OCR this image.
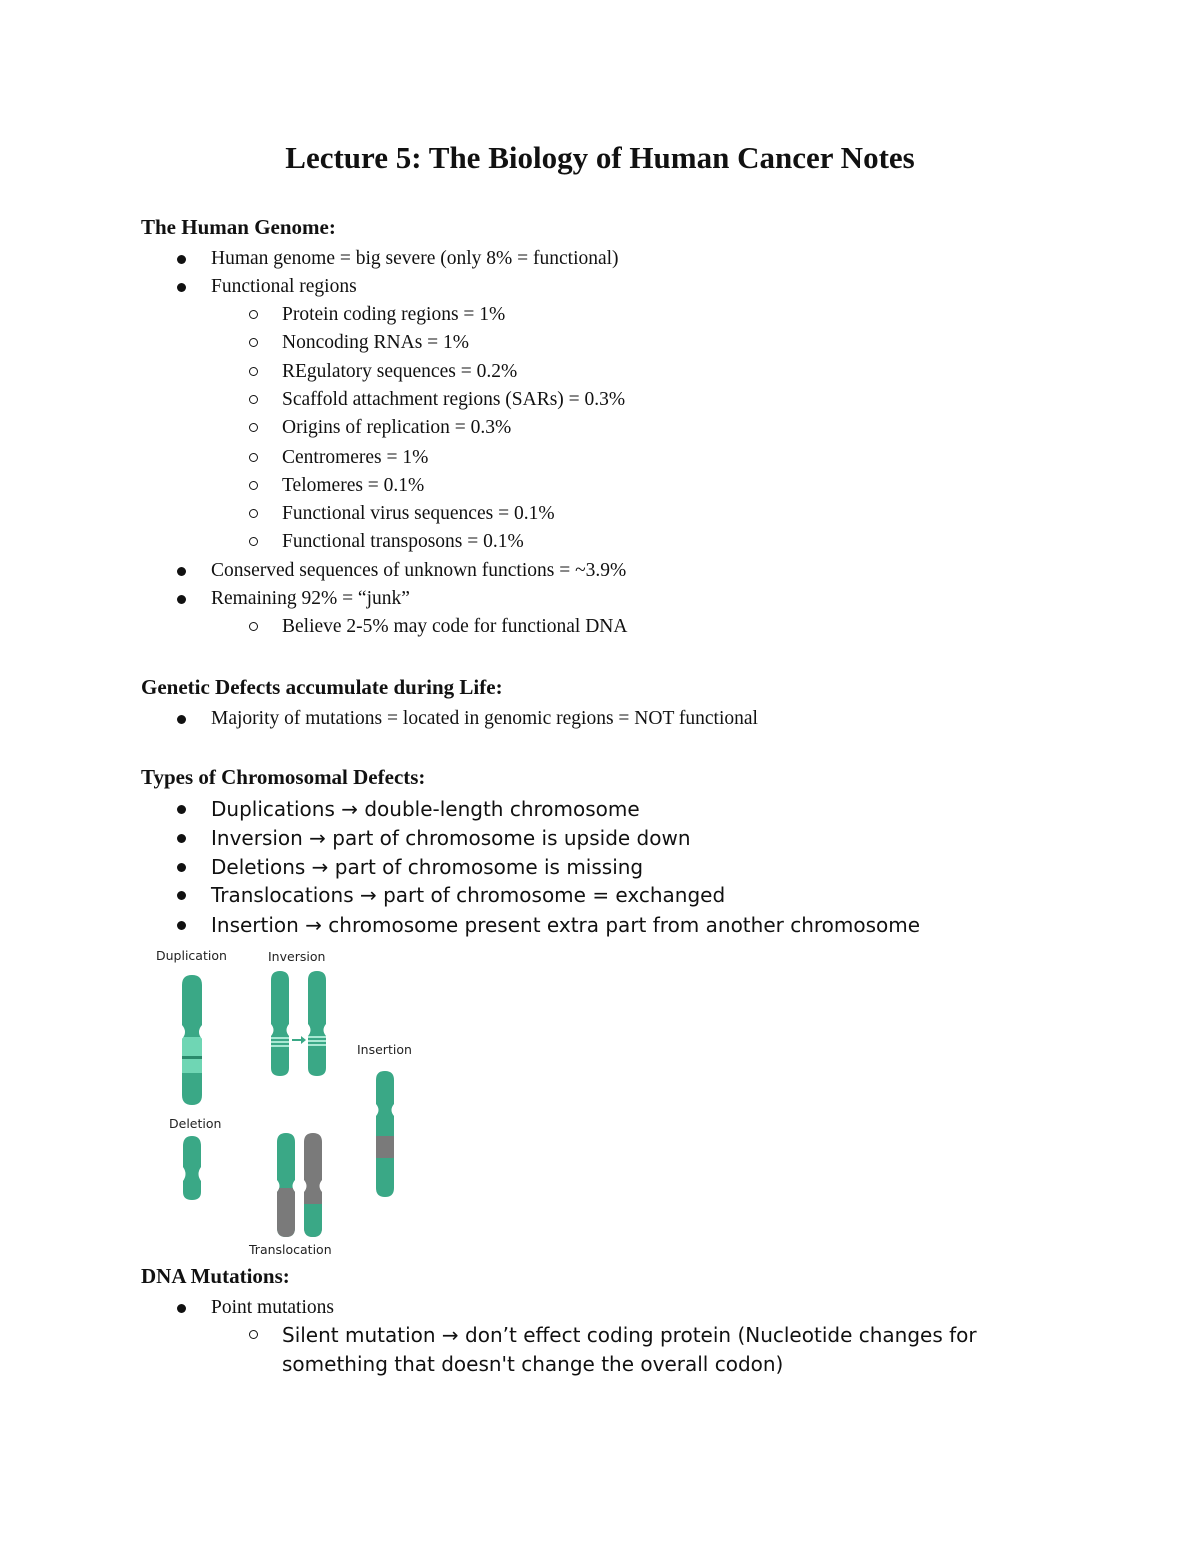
Lecture 5: The Biology of Human Cancer Notes
The Human Genome:
Human genome = big severe (only 8% = functional)
Functional regions
Protein coding regions = 1%
Noncoding RNAs = 1%
REgulatory sequences = 0.2%
Scaffold attachment regions (SARs) = 0.3%
Origins of replication = 0.3%
Centromeres = 1%
Telomeres = 0.1%
Functional virus sequences = 0.1%
Functional transposons = 0.1%
Conserved sequences of unknown functions = ~3.9%
Remaining 92% = “junk”
Believe 2-5% may code for functional DNA
Genetic Defects accumulate during Life:
Majority of mutations = located in genomic regions = NOT functional
Types of Chromosomal Defects:
Duplications → double-length chromosome
Inversion → part of chromosome is upside down
Deletions → part of chromosome is missing
Translocations → part of chromosome = exchanged
Insertion → chromosome present extra part from another chromosome
Duplication	Inversion
Insertion
Deletion
Translocation
DNA Mutations:
Point mutations
Silent mutation → don’t effect coding protein (Nucleotide changes for something that doesn't change the overall codon)
